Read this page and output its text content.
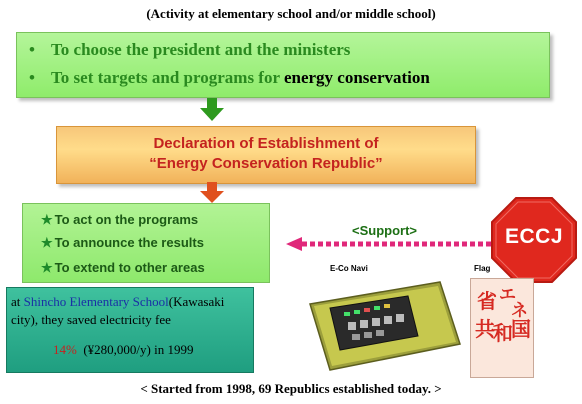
(Activity at elementary school and/or middle school)
• To choose the president and the ministers
• To set targets and programs for energy conservation
Declaration of Establishment of
“Energy Conservation Republic”
★ To act on the programs
★ To announce the results
★ To extend to other areas
at Shincho Elementary School(Kawasaki
city), they saved electricity fee
14% (¥280,000/y) in 1999
<Support>	ECCJ
E-Co Navi	Flag
省 エ
ネ
共
和
国
< Started from 1998, 69 Republics established today. >
